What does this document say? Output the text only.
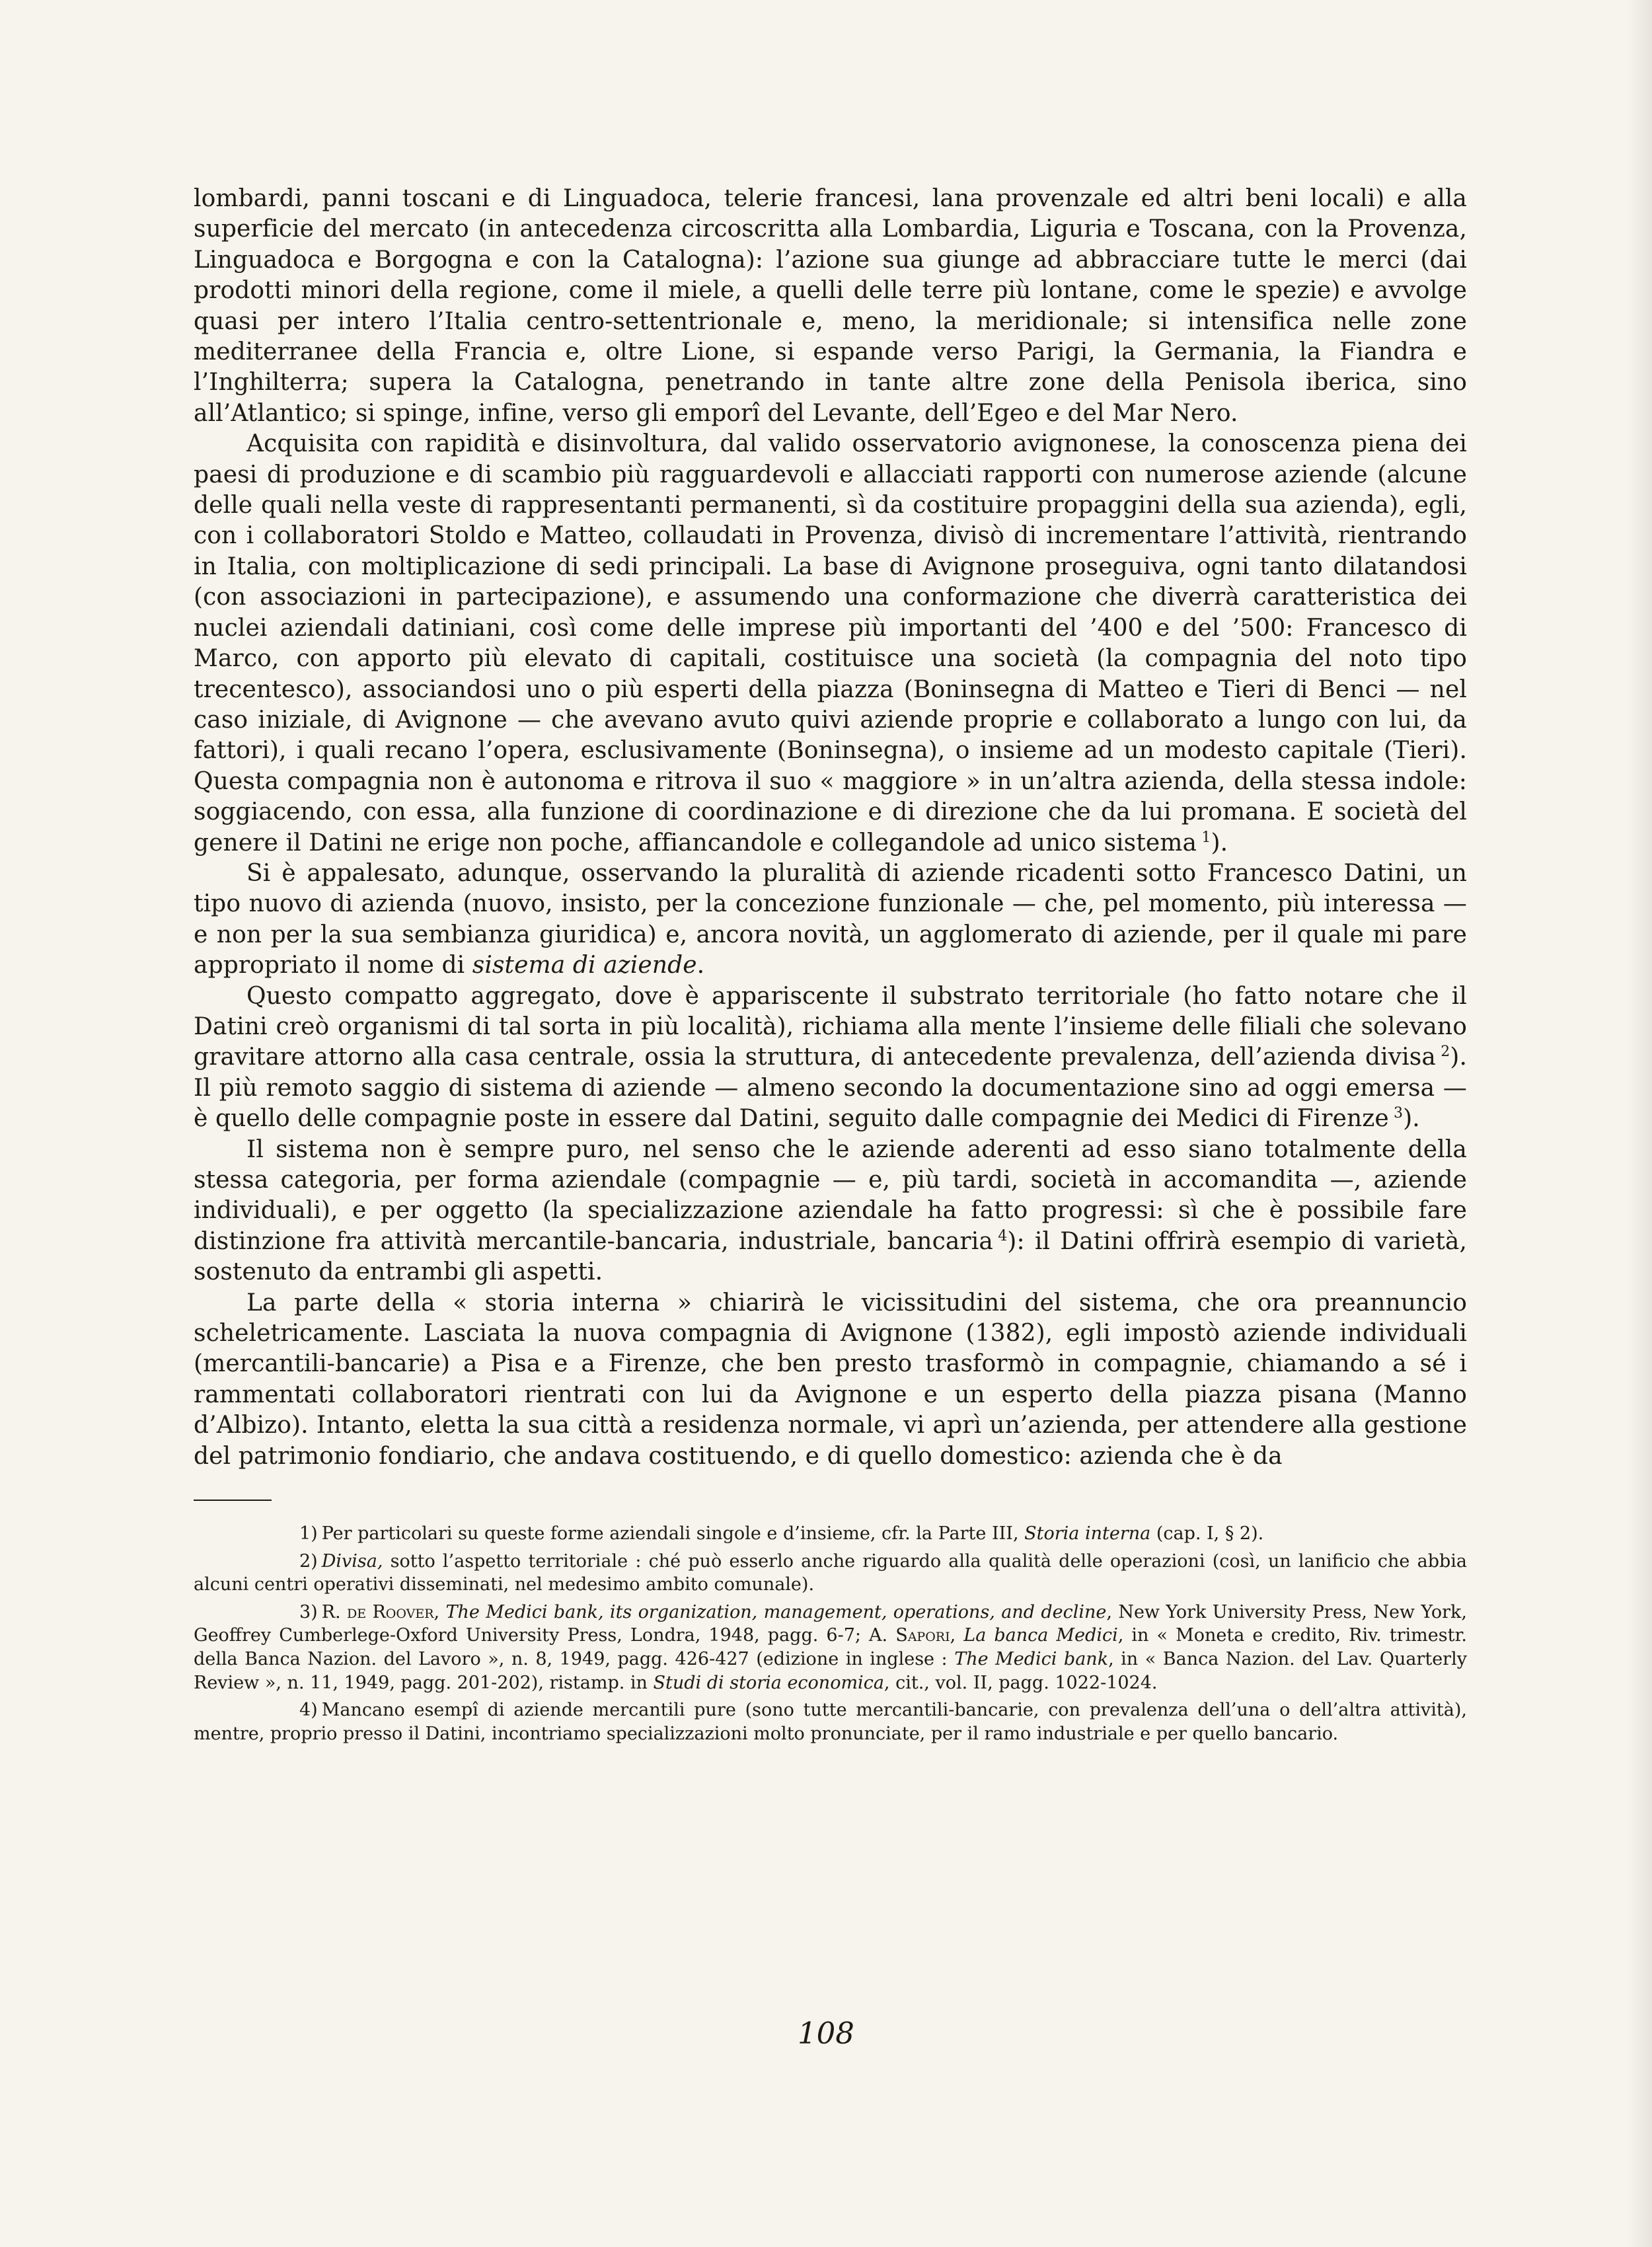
lombardi, panni toscani e di Linguadoca, telerie francesi, lana provenzale ed altri beni locali) e alla superficie del mercato (in antecedenza circoscritta alla Lombardia, Liguria e Toscana, con la Provenza, Linguadoca e Borgogna e con la Catalogna): l’azione sua giunge ad abbracciare tutte le merci (dai prodotti minori della regione, come il miele, a quelli delle terre più lontane, come le spezie) e avvolge quasi per intero l’Italia centro-settentrionale e, meno, la meridionale; si intensifica nelle zone mediterranee della Francia e, oltre Lione, si espande verso Parigi, la Germania, la Fiandra e l’Inghilterra; supera la Catalogna, penetrando in tante altre zone della Penisola iberica, sino all’Atlantico; si spinge, infine, verso gli emporî del Levante, dell’Egeo e del Mar Nero.

Acquisita con rapidità e disinvoltura, dal valido osservatorio avignonese, la conoscenza piena dei paesi di produzione e di scambio più ragguardevoli e allacciati rapporti con numerose aziende (alcune delle quali nella veste di rappresentanti permanenti, sì da costituire propaggini della sua azienda), egli, con i collaboratori Stoldo e Matteo, collaudati in Provenza, divisò di incrementare l’attività, rientrando in Italia, con moltiplicazione di sedi principali. La base di Avignone proseguiva, ogni tanto dilatandosi (con associazioni in partecipazione), e assumendo una conformazione che diverrà caratteristica dei nuclei aziendali datiniani, così come delle imprese più importanti del ’400 e del ’500: Francesco di Marco, con apporto più elevato di capitali, costituisce una società (la compagnia del noto tipo trecentesco), associandosi uno o più esperti della piazza (Boninsegna di Matteo e Tieri di Benci — nel caso iniziale, di Avignone — che avevano avuto quivi aziende proprie e collaborato a lungo con lui, da fattori), i quali recano l’opera, esclusivamente (Boninsegna), o insieme ad un modesto capitale (Tieri). Questa compagnia non è autonoma e ritrova il suo « maggiore » in un’altra azienda, della stessa indole: soggiacendo, con essa, alla funzione di coordinazione e di direzione che da lui promana. E società del genere il Datini ne erige non poche, affiancandole e collegandole ad unico sistema  $^1$).

Si è appalesato, adunque, osservando la pluralità di aziende ricadenti sotto Francesco Datini, un tipo nuovo di azienda (nuovo, insisto, per la concezione funzionale — che, pel momento, più interessa — e non per la sua sembianza giuridica) e, ancora novità, un agglomerato di aziende, per il quale mi pare appropriato il nome di sistema di aziende.

Questo compatto aggregato, dove è appariscente il substrato territoriale (ho fatto notare che il Datini creò organismi di tal sorta in più località), richiama alla mente l’insieme delle filiali che solevano gravitare attorno alla casa centrale, ossia la struttura, di antecedente prevalenza, dell’azienda divisa  $^2$). Il più remoto saggio di sistema di aziende — almeno secondo la documentazione sino ad oggi emersa — è quello delle compagnie poste in essere dal Datini, seguito dalle compagnie dei Medici di Firenze  $^3$).

Il sistema non è sempre puro, nel senso che le aziende aderenti ad esso siano totalmente della stessa categoria, per forma aziendale (compagnie — e, più tardi, società in accomandita —, aziende individuali), e per oggetto (la specializzazione aziendale ha fatto progressi: sì che è possibile fare distinzione fra attività mercantile-bancaria, industriale, bancaria  $^4$): il Datini offrirà esempio di varietà, sostenuto da entrambi gli aspetti.

La parte della « storia interna » chiarirà le vicissitudini del sistema, che ora preannuncio scheletricamente. Lasciata la nuova compagnia di Avignone (1382), egli impostò aziende individuali (mercantili-bancarie) a Pisa e a Firenze, che ben presto trasformò in compagnie, chiamando a sé i rammentati collaboratori rientrati con lui da Avignone e un esperto della piazza pisana (Manno d’Albizo). Intanto, eletta la sua città a residenza normale, vi aprì un’azienda, per attendere alla gestione del patrimonio fondiario, che andava costituendo, e di quello domestico: azienda che è da

1) Per particolari su queste forme aziendali singole e d’insieme, cfr. la Parte III, Storia interna (cap. I, § 2).

2) Divisa, sotto l’aspetto territoriale : ché può esserlo anche riguardo alla qualità delle operazioni (così, un lanificio che abbia alcuni centri operativi disseminati, nel medesimo ambito comunale).

3) R. de Roover, The Medici bank, its organization, management, operations, and decline, New York University Press, New York, Geoffrey Cumberlege-Oxford University Press, Londra, 1948, pagg. 6-7; A. Sapori, La banca Medici, in « Moneta e credito, Riv. trimestr. della Banca Nazion. del Lavoro », n. 8, 1949, pagg. 426-427 (edizione in inglese : The Medici bank, in « Banca Nazion. del Lav. Quarterly Review », n. 11, 1949, pagg. 201-202), ristamp. in Studi di storia economica, cit., vol. II, pagg. 1022-1024.

4) Mancano esempî di aziende mercantili pure (sono tutte mercantili-bancarie, con prevalenza dell’una o dell’altra attività), mentre, proprio presso il Datini, incontriamo specializzazioni molto pronunciate, per il ramo industriale e per quello bancario.

108
